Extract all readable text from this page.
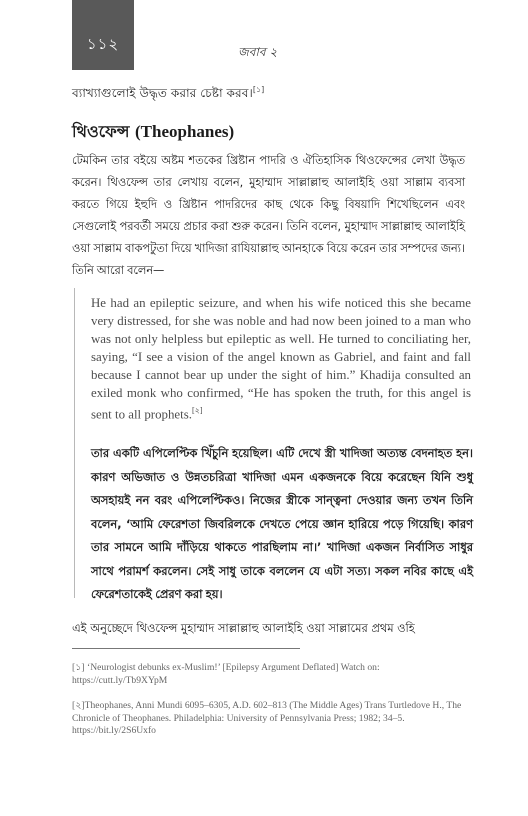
১১২	জবাব ২
ব্যাখ্যাগুলোই উদ্ধৃত করার চেষ্টা করব।[১]
থিওফেন্স (Theophanes)
টেমকিন তার বইয়ে অষ্টম শতকের খ্রিষ্টান পাদরি ও ঐতিহাসিক থিওফেন্সের লেখা উদ্ধৃত করেন। থিওফেন্স তার লেখায় বলেন, মুহাম্মাদ সাল্লাল্লাহু আলাইহি ওয়া সাল্লাম ব্যবসা করতে গিয়ে ইহুদি ও খ্রিষ্টান পাদরিদের কাছ থেকে কিছু বিষয়াদি শিখেছিলেন এবং সেগুলোই পরবর্তী সময়ে প্রচার করা শুরু করেন। তিনি বলেন, মুহাম্মাদ সাল্লাল্লাহু আলাইহি ওয়া সাল্লাম বাকপটুতা দিয়ে খাদিজা রাযিয়াল্লাহু আনহাকে বিয়ে করেন তার সম্পদের জন্য। তিনি আরো বলেন—
He had an epileptic seizure, and when his wife noticed this she became very distressed, for she was noble and had now been joined to a man who was not only helpless but epileptic as well. He turned to conciliating her, saying, “I see a vision of the angel known as Gabriel, and faint and fall because I cannot bear up under the sight of him.” Khadija consulted an exiled monk who confirmed, “He has spoken the truth, for this angel is sent to all prophets.[২]
তার একটি এপিলেপ্টিক খিঁচুনি হয়েছিল। এটি দেখে স্ত্রী খাদিজা অত্যন্ত বেদনাহত হন। কারণ অভিজাত ও উন্নতচরিত্রা খাদিজা এমন একজনকে বিয়ে করেছেন যিনি শুধু অসহায়ই নন বরং এপিলেপ্টিকও। নিজের স্ত্রীকে সান্ত্বনা দেওয়ার জন্য তখন তিনি বলেন, ‘আমি ফেরেশতা জিবরিলকে দেখতে পেয়ে জ্ঞান হারিয়ে পড়ে গিয়েছি। কারণ তার সামনে আমি দাঁড়িয়ে থাকতে পারছিলাম না।’ খাদিজা একজন নির্বাসিত সাধুর সাথে পরামর্শ করলেন। সেই সাধু তাকে বললেন যে এটা সত্য। সকল নবির কাছে এই ফেরেশতাকেই প্রেরণ করা হয়।
এই অনুচ্ছেদে থিওফেন্স মুহাম্মাদ সাল্লাল্লাহু আলাইহি ওয়া সাল্লামের প্রথম ওহি
[১] ‘Neurologist debunks ex-Muslim!’ [Epilepsy Argument Deflated] Watch on: https://cutt.ly/Tb9XYpM
[২]Theophanes, Anni Mundi 6095–6305, A.D. 602–813 (The Middle Ages) Trans Turtledove H., The Chronicle of Theophanes. Philadelphia: University of Pennsylvania Press; 1982; 34–5. https://bit.ly/2S6Uxfo
